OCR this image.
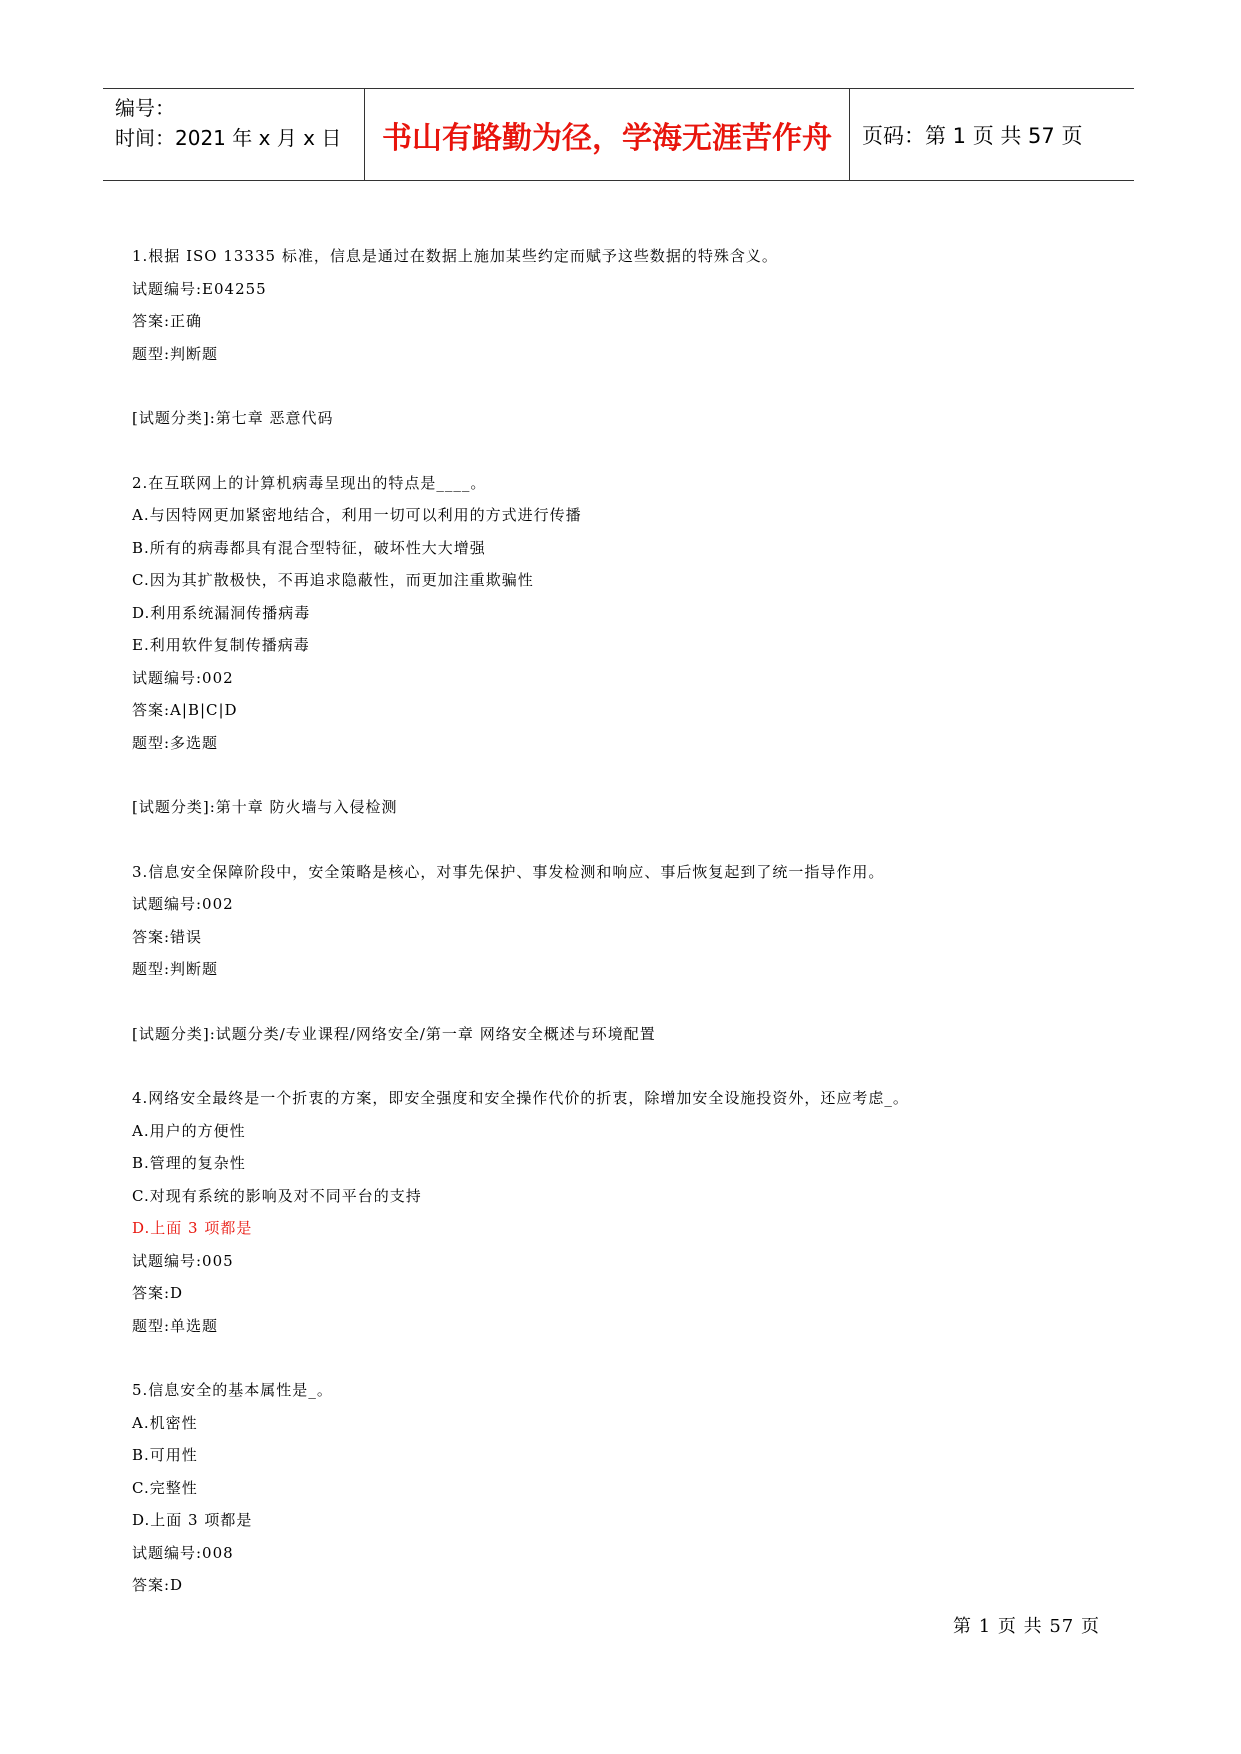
编号：
时间：2021 年 x 月 x 日	书山有路勤为径，学海无涯苦作舟	页码：第 1 页 共 57 页
1.根据 ISO 13335 标准，信息是通过在数据上施加某些约定而赋予这些数据的特殊含义。
试题编号:E04255
答案:正确
题型:判断题
[试题分类]:第七章 恶意代码
2.在互联网上的计算机病毒呈现出的特点是____。
A.与因特网更加紧密地结合，利用一切可以利用的方式进行传播
B.所有的病毒都具有混合型特征，破坏性大大增强
C.因为其扩散极快，不再追求隐蔽性，而更加注重欺骗性
D.利用系统漏洞传播病毒
E.利用软件复制传播病毒
试题编号:002
答案:A|B|C|D
题型:多选题
[试题分类]:第十章 防火墙与入侵检测
3.信息安全保障阶段中，安全策略是核心，对事先保护、事发检测和响应、事后恢复起到了统一指导作用。
试题编号:002
答案:错误
题型:判断题
[试题分类]:试题分类/专业课程/网络安全/第一章 网络安全概述与环境配置
4.网络安全最终是一个折衷的方案，即安全强度和安全操作代价的折衷，除增加安全设施投资外，还应考虑_。
A.用户的方便性
B.管理的复杂性
C.对现有系统的影响及对不同平台的支持
D.上面 3 项都是
试题编号:005
答案:D
题型:单选题
5.信息安全的基本属性是_。
A.机密性
B.可用性
C.完整性
D.上面 3 项都是
试题编号:008
答案:D
第 1 页 共 57 页
